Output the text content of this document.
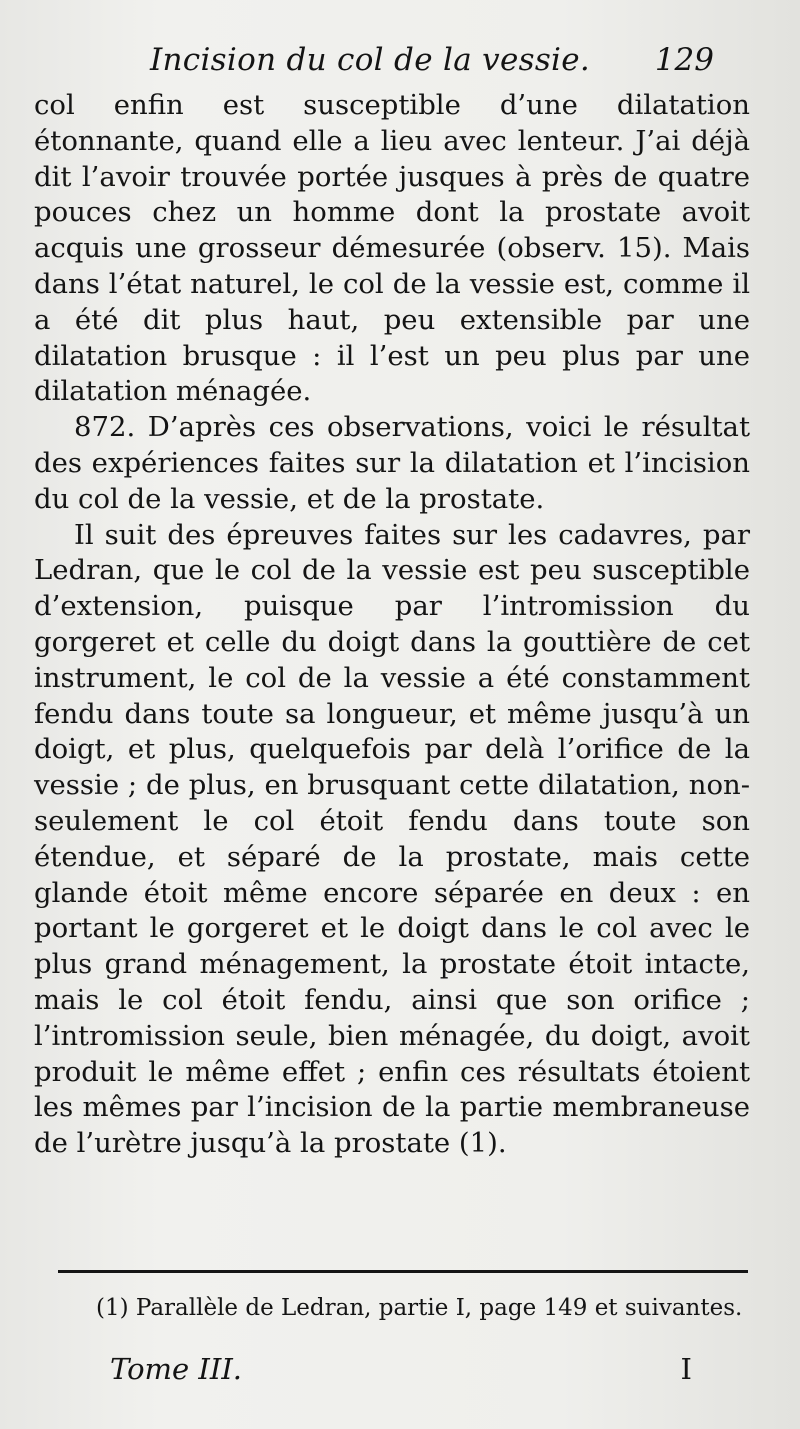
Incision du col de la vessie. 129

col enfin est susceptible d’une dilatation étonnante, quand elle a lieu avec lenteur. J’ai déjà dit l’avoir trouvée portée jusques à près de quatre pouces chez un homme dont la prostate avoit acquis une grosseur démesurée (observ. 15). Mais dans l’état naturel, le col de la vessie est, comme il a été dit plus haut, peu extensible par une dilatation brusque : il l’est un peu plus par une dilatation ménagée.

872. D’après ces observations, voici le résultat des expériences faites sur la dilatation et l’incision du col de la vessie, et de la prostate.

Il suit des épreuves faites sur les cadavres, par Ledran, que le col de la vessie est peu susceptible d’extension, puisque par l’intromission du gorgeret et celle du doigt dans la gouttière de cet instrument, le col de la vessie a été constamment fendu dans toute sa longueur, et même jusqu’à un doigt, et plus, quelquefois par delà l’orifice de la vessie ; de plus, en brusquant cette dilatation, non-seulement le col étoit fendu dans toute son étendue, et séparé de la prostate, mais cette glande étoit même encore séparée en deux : en portant le gorgeret et le doigt dans le col avec le plus grand ménagement, la prostate étoit intacte, mais le col étoit fendu, ainsi que son orifice ; l’intromission seule, bien ménagée, du doigt, avoit produit le même effet ; enfin ces résultats étoient les mêmes par l’incision de la partie membraneuse de l’urètre jusqu’à la prostate (1).

(1) Parallèle de Ledran, partie I, page 149 et suivantes.

Tome III.	I
